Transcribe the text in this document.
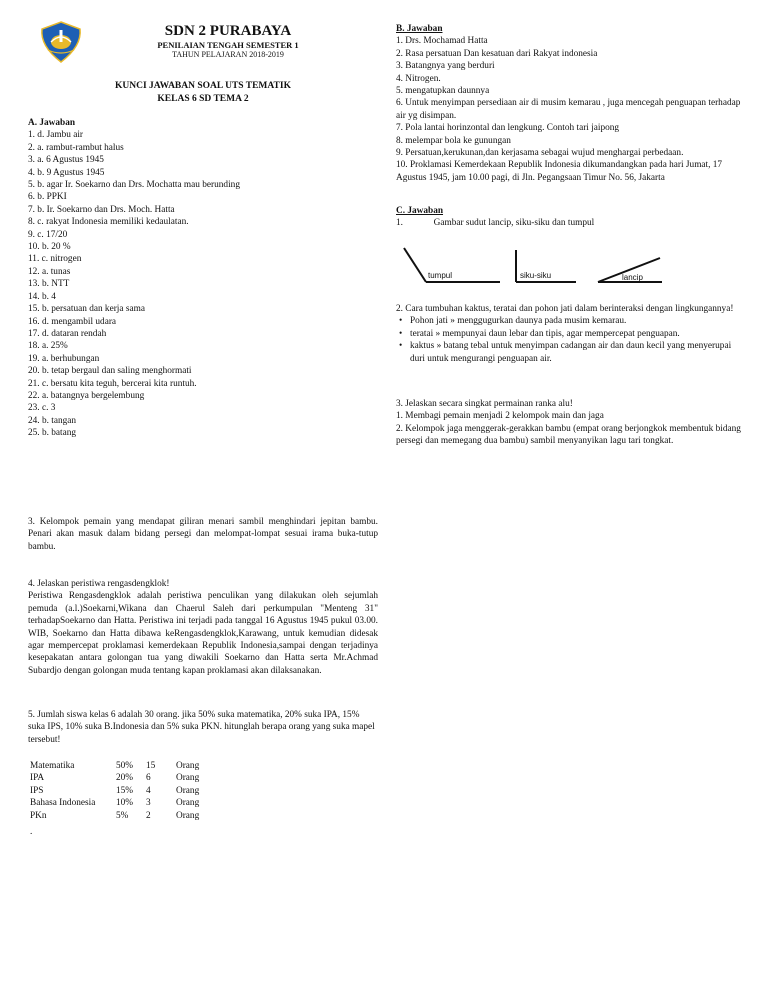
SDN 2 PURABAYA
PENILAIAN TENGAH SEMESTER 1
TAHUN PELAJARAN 2018-2019
KUNCI JAWABAN SOAL UTS TEMATIK
KELAS 6 SD TEMA 2
A. Jawaban
1. d. Jambu air
2. a. rambut-rambut halus
3. a. 6 Agustus 1945
4. b. 9 Agustus 1945
5. b. agar Ir. Soekarno dan Drs. Mochatta mau berunding
6. b. PPKI
7. b. Ir. Soekarno dan Drs. Moch. Hatta
8. c. rakyat Indonesia memiliki kedaulatan.
9. c. 17/20
10. b. 20 %
11. c. nitrogen
12. a. tunas
13. b. NTT
14. b. 4
15. b. persatuan dan kerja sama
16. d. mengambil udara
17. d. dataran rendah
18. a. 25%
19. a. berhubungan
20. b. tetap bergaul dan saling menghormati
21. c. bersatu kita teguh, bercerai kita runtuh.
22. a. batangnya bergelembung
23. c. 3
24. b. tangan
25. b. batang
B. Jawaban
1. Drs. Mochamad Hatta
2. Rasa persatuan Dan kesatuan dari Rakyat indonesia
3. Batangnya yang berduri
4. Nitrogen.
5. mengatupkan daunnya
6. Untuk menyimpan persediaan air di musim kemarau , juga mencegah penguapan terhadap air yg disimpan.
7. Pola lantai horinzontal dan lengkung. Contoh tari jaipong
8. melempar bola ke gunungan
9. Persatuan,kerukunan,dan kerjasama sebagai wujud menghargai perbedaan.
10. Proklamasi Kemerdekaan Republik Indonesia dikumandangkan pada hari Jumat, 17 Agustus 1945, jam 10.00 pagi, di Jln. Pegangsaan Timur No. 56, Jakarta
C. Jawaban
1.	Gambar sudut lancip, siku-siku dan tumpul
tumpul	siku-siku	lancip
2. Cara tumbuhan kaktus, teratai dan pohon jati dalam berinteraksi dengan lingkungannya!
• Pohon jati » menggugurkan daunya pada musim kemarau.
• teratai » mempunyai daun lebar dan tipis, agar mempercepat penguapan.
• kaktus » batang tebal untuk menyimpan cadangan air dan daun kecil yang menyerupai duri untuk mengurangi penguapan air.
3. Jelaskan secara singkat permainan ranka alu!
1. Membagi pemain menjadi 2 kelompok main dan jaga
2. Kelompok jaga menggerak-gerakkan bambu (empat orang berjongkok membentuk bidang persegi dan memegang dua bambu) sambil menyanyikan lagu tari tongkat.
3. Kelompok pemain yang mendapat giliran menari sambil menghindari jepitan bambu. Penari akan masuk dalam bidang persegi dan melompat-lompat sesuai irama buka-tutup bambu.
4. Jelaskan peristiwa rengasdengklok!
Peristiwa Rengasdengklok adalah peristiwa penculikan yang dilakukan oleh sejumlah pemuda (a.l.)Soekarni,Wikana dan Chaerul Saleh dari perkumpulan "Menteng 31" terhadapSoekarno dan Hatta. Peristiwa ini terjadi pada tanggal 16 Agustus 1945 pukul 03.00. WIB, Soekarno dan Hatta dibawa keRengasdengklok,Karawang, untuk kemudian didesak agar mempercepat proklamasi kemerdekaan Republik Indonesia,sampai dengan terjadinya kesepakatan antara golongan tua yang diwakili Soekarno dan Hatta serta Mr.Achmad Subardjo dengan golongan muda tentang kapan proklamasi akan dilaksanakan.
5. Jumlah siswa kelas 6 adalah 30 orang. jika 50% suka matematika, 20% suka IPA, 15% suka IPS, 10% suka B.Indonesia dan 5% suka PKN. hitunglah berapa orang yang suka mapel tersebut!
Matematika	50%	15	Orang
IPA	20%	6	Orang
IPS	15%	4	Orang
Bahasa Indonesia	10%	3	Orang
PKn	5%	2	Orang
.
